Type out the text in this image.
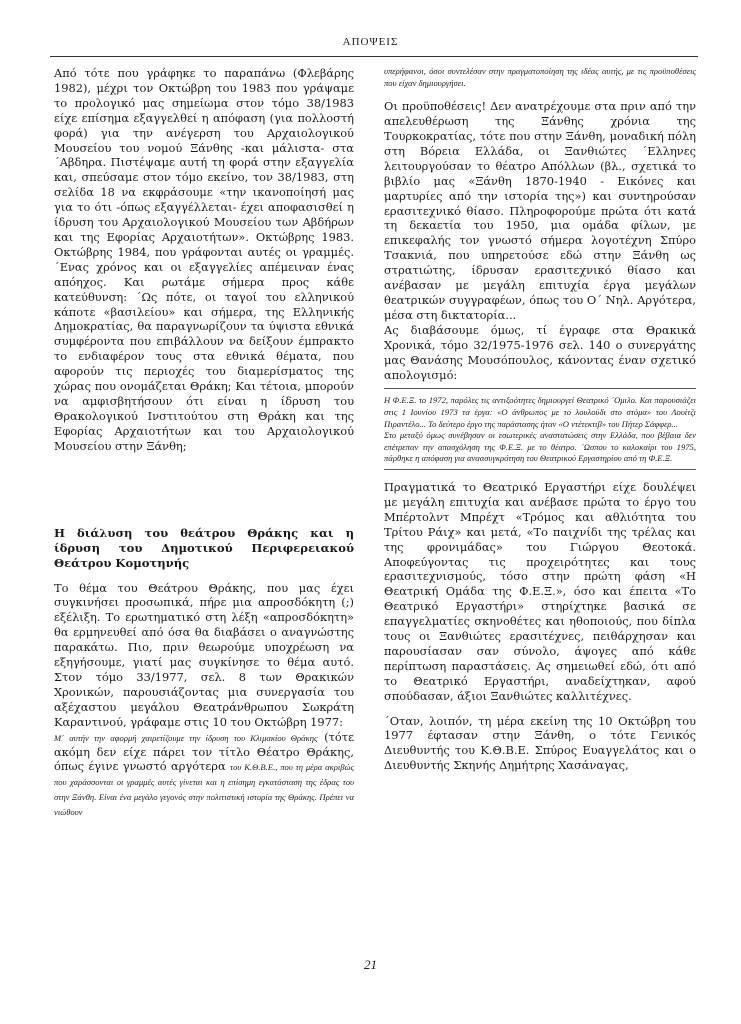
ΑΠΟΨΕΙΣ

Από τότε που γράφηκε το παραπάνω (Φλεβάρης 1982), μέχρι τον Οκτώβρη του 1983 που γράψαμε το προλογικό μας σημείωμα στον τόμο 38/1983 είχε επίσημα εξαγγελθεί η απόφαση (για πολλοστή φορά) για την ανέγερση του Αρχαιολογικού Μουσείου του νομού Ξάνθης -και μάλιστα- στα ´Αβδηρα. Πιστέψαμε αυτή τη φορά στην εξαγγελία και, σπεύσαμε στον τόμο εκείνο, τον 38/1983, στη σελίδα 18 να εκφράσουμε «την ικανοποίησή μας για το ότι -όπως εξαγγέλλεται- έχει αποφασισθεί η ίδρυση του Αρχαιολογικού Μουσείου των Αβδήρων και της Εφορίας Αρχαιοτήτων». Οκτώβρης 1983. Οκτώβρης 1984, που γράφονται αυτές οι γραμμές. ´Ενας χρόνος και οι εξαγγελίες απέμειναν ένας απόηχος. Και ρωτάμε σήμερα προς κάθε κατεύθυνση: ´Ως πότε, οι ταγοί του ελληνικού κάποτε «βασιλείου» και σήμερα, της Ελληνικής Δημοκρατίας, θα παραγνωρίζουν τα ύψιστα εθνικά συμφέροντα που επιβάλλουν να δείξουν έμπρακτο το ενδιαφέρον τους στα εθνικά θέματα, που αφορούν τις περιοχές του διαμερίσματος της χώρας που ονομάζεται Θράκη; Και τέτοια, μπορούν να αμφισβητήσουν ότι είναι η ίδρυση του Θρακολογικού Ινστιτούτου στη Θράκη και της Εφορίας Αρχαιοτήτων και του Αρχαιολογικού Μουσείου στην Ξάνθη;

Η διάλυση του θεάτρου Θράκης και η ίδρυση του Δημοτικού Περιφερειακού Θεάτρου Κομοτηνής

Το θέμα του Θεάτρου Θράκης, που μας έχει συγκινήσει προσωπικά, πήρε μια απροσδόκητη (;) εξέλιξη. Το ερωτηματικό στη λέξη «απροσδόκητη» θα ερμηνευθεί από όσα θα διαβάσει ο αναγνώστης παρακάτω. Πιο, πριν θεωρούμε υποχρέωση να εξηγήσουμε, γιατί μας συγκίνησε το θέμα αυτό. Στον τόμο 33/1977, σελ. 8 των Θρακικών Χρονικών, παρουσιάζοντας μια συνεργασία του αξέχαστου μεγάλου Θεατράνθρωπου Σωκράτη Καραντινού, γράφαμε στις 10 του Οκτώβρη 1977:

Μ´ αυτήν την αφορμή χαιρετίζουμε την ίδρυση του Κλιμακίου Θράκης (τότε ακόμη δεν είχε πάρει τον τίτλο Θέατρο Θράκης, όπως έγινε γνωστό αργότερα του Κ.Θ.Β.Ε., που τη μέρα ακριβώς που χαράσσονται οι γραμμές αυτές γίνεται και η επίσημη εγκατάσταση της έδρας του στην Ξάνθη. Είναι ένα μεγάλο γεγονός στην πολιτιστική ιστορία της Θράκης. Πρέπει να νιώθουν

υπερήφανοι, όσοι συντελέσαν στην πραγματοποίηση της ιδέας αυτής, με τις προϋποθέσεις που είχαν δημιουργήσει.

Οι προϋποθέσεις! Δεν ανατρέχουμε στα πριν από την απελευθέρωση της Ξάνθης χρόνια της Τουρκοκρατίας, τότε που στην Ξάνθη, μοναδική πόλη στη Βόρεια Ελλάδα, οι Ξανθιώτες ´Ελληνες λειτουργούσαν το θέατρο Απόλλων (βλ., σχετικά το βιβλίο μας «Ξάνθη 1870-1940 - Εικόνες και μαρτυρίες από την ιστορία της») και συντηρούσαν ερασιτεχνικό θίασο. Πληροφορούμε πρώτα ότι κατά τη δεκαετία του 1950, μια ομάδα φίλων, με επικεφαλής τον γνωστό σήμερα λογοτέχνη Σπύρο Τσακνιά, που υπηρετούσε εδώ στην Ξάνθη ως στρατιώτης, ίδρυσαν ερασιτεχνικό θίασο και ανέβασαν με μεγάλη επιτυχία έργα μεγάλων θεατρικών συγγραφέων, όπως του Ο´ Νηλ. Αργότερα, μέσα στη δικτατορία...

Ας διαβάσουμε όμως, τί έγραφε στα Θρακικά Χρονικά, τόμο 32/1975-1976 σελ. 140 ο συνεργάτης μας Θανάσης Μουσόπουλος, κάνοντας έναν σχετικό απολογισμό:

Η Φ.Ε.Ξ. το 1972, παρόλες τις αντιξοότητες δημιουργεί Θεατρικό ´Ομιλο. Και παρουσιάζει στις 1 Ιουνίου 1973 τα έργα: «Ο άνθρωπος με το λουλούδι στο στόμα» του Λουίτζι Πιραντέλο... Το δεύτερο έργο της παράστασης ήταν «Ο ντέτεκτιβ» του Πήτερ Σάφφερ...

Στο μεταξύ όμως συνέβησαν οι εσωτερικές αναστατώσεις στην Ελλάδα, που βέβαια δεν επέτρεπαν την απασχόληση της Φ.Ε.Ξ. με το θέατρο. ´Ωσπου το καλοκαίρι του 1975, πάρθηκε η απόφαση για αναασυγκρότηση του Θεατρικού Εργαστηρίου από τη Φ.Ε.Ξ.

Πραγματικά το Θεατρικό Εργαστήρι είχε δουλέψει με μεγάλη επιτυχία και ανέβασε πρώτα το έργο του Μπέρτολντ Μπρέχτ «Τρόμος και αθλιότητα του Τρίτου Ράιχ» και μετά, «Το παιχνίδι της τρέλας και της φρονιμάδας» του Γιώργου Θεοτοκά. Αποφεύγοντας τις προχειρότητες και τους ερασιτεχνισμούς, τόσο στην πρώτη φάση «Η Θεατρική Ομάδα της Φ.Ε.Ξ.», όσο και έπειτα «Το Θεατρικό Εργαστήρι» στηρίχτηκε βασικά σε επαγγελματίες σκηνοθέτες και ηθοποιούς, που δίπλα τους οι Ξανθιώτες ερασιτέχνες, πειθάρχησαν και παρουσίασαν σαν σύνολο, άψογες από κάθε περίπτωση παραστάσεις. Ας σημειωθεί εδώ, ότι από το Θεατρικό Εργαστήρι, αναδείχτηκαν, αφού σπούδασαν, άξιοι Ξανθιώτες καλλιτέχνες.

´Οταν, λοιπόν, τη μέρα εκείνη της 10 Οκτώβρη του 1977 έφτασαν στην Ξάνθη, ο τότε Γενικός Διευθυντής του Κ.Θ.Β.Ε. Σπύρος Ευαγγελάτος και ο Διευθυντής Σκηνής Δημήτρης Χασάναγας,

21
